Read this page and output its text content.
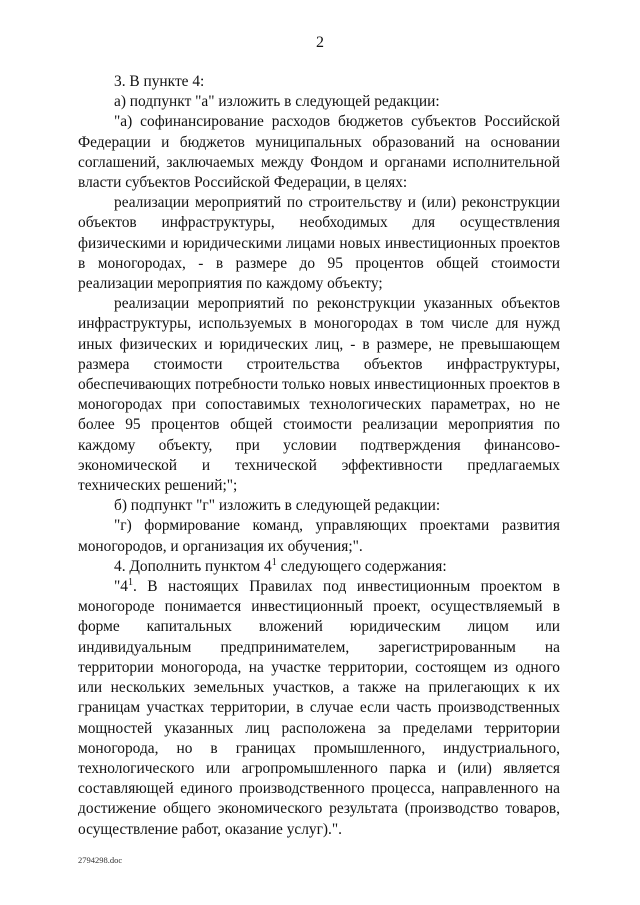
2

3. В пункте 4:

а) подпункт "а" изложить в следующей редакции:

"а) софинансирование расходов бюджетов субъектов Российской Федерации и бюджетов муниципальных образований на основании соглашений, заключаемых между Фондом и органами исполнительной власти субъектов Российской Федерации, в целях:

реализации мероприятий по строительству и (или) реконструкции объектов инфраструктуры, необходимых для осуществления физическими и юридическими лицами новых инвестиционных проектов в моногородах, - в размере до 95 процентов общей стоимости реализации мероприятия по каждому объекту;

реализации мероприятий по реконструкции указанных объектов инфраструктуры, используемых в моногородах в том числе для нужд иных физических и юридических лиц, - в размере, не превышающем размера стоимости строительства объектов инфраструктуры, обеспечивающих потребности только новых инвестиционных проектов в моногородах при сопоставимых технологических параметрах, но не более 95 процентов общей стоимости реализации мероприятия по каждому объекту, при условии подтверждения финансово-экономической и технической эффективности предлагаемых технических решений;";

б) подпункт "г" изложить в следующей редакции:

"г) формирование команд, управляющих проектами развития моногородов, и организация их обучения;".

4. Дополнить пунктом $4^1$ следующего содержания:

"$4^1$. В настоящих Правилах под инвестиционным проектом в моногороде понимается инвестиционный проект, осуществляемый в форме капитальных вложений юридическим лицом или индивидуальным предпринимателем, зарегистрированным на территории моногорода, на участке территории, состоящем из одного или нескольких земельных участков, а также на прилегающих к их границам участках территории, в случае если часть производственных мощностей указанных лиц расположена за пределами территории моногорода, но в границах промышленного, индустриального, технологического или агропромышленного парка и (или) является составляющей единого производственного процесса, направленного на достижение общего экономического результата (производство товаров, осуществление работ, оказание услуг).".

2794298.doc
